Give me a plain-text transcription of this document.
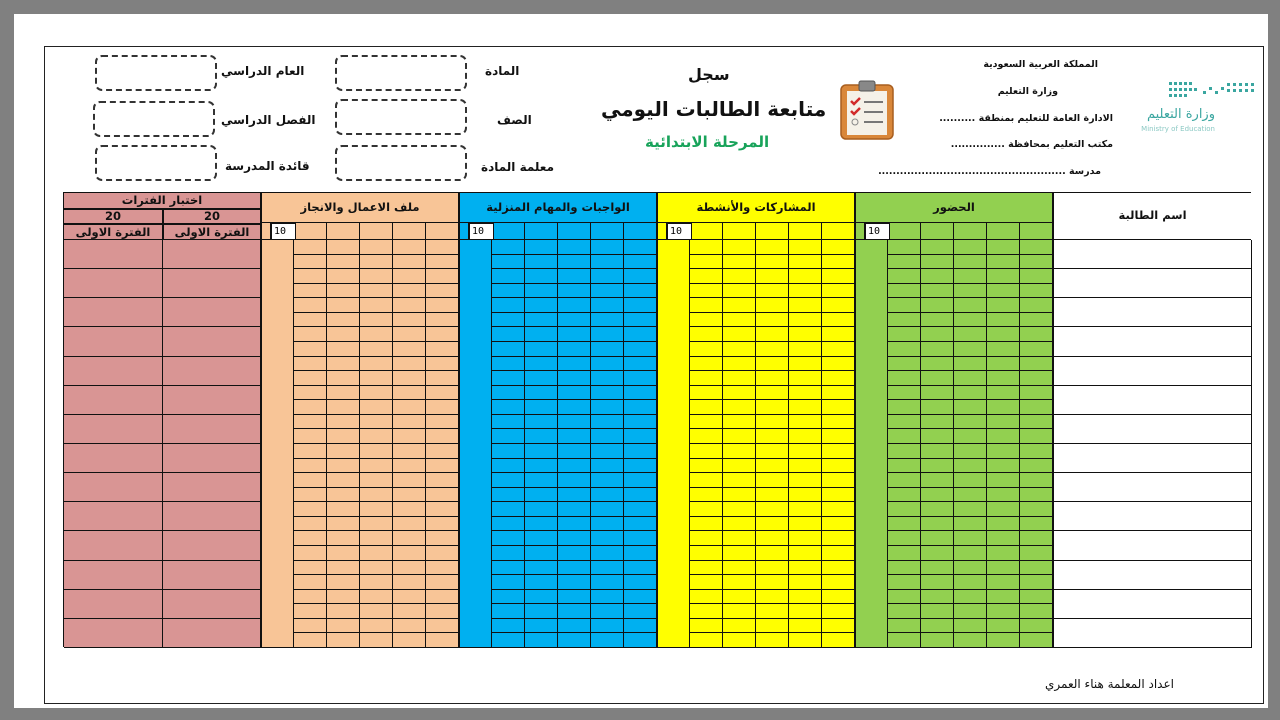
العام الدراسي
الفصل الدراسي
قائدة المدرسة
المادة
الصف
معلمة المادة
سجل
متابعة الطالبات اليومي
المرحلة الابتدائية
المملكة العربية السعودية
وزارة التعليم
الادارة العامة للتعليم بمنطقة ..........
مكتب التعليم بمحافظة ...............
مدرسة ....................................................
وزارة التعليم
Ministry of Education
اسم الطالبة
الحضور
المشاركات والأنشطة
الواجبات والمهام المنزلية
ملف الاعمال والانجاز
اختبار الفترات
20
20
الفترة الاولى
الفترة الاولى	10
10
10
10
اعداد المعلمة هناء العمري
